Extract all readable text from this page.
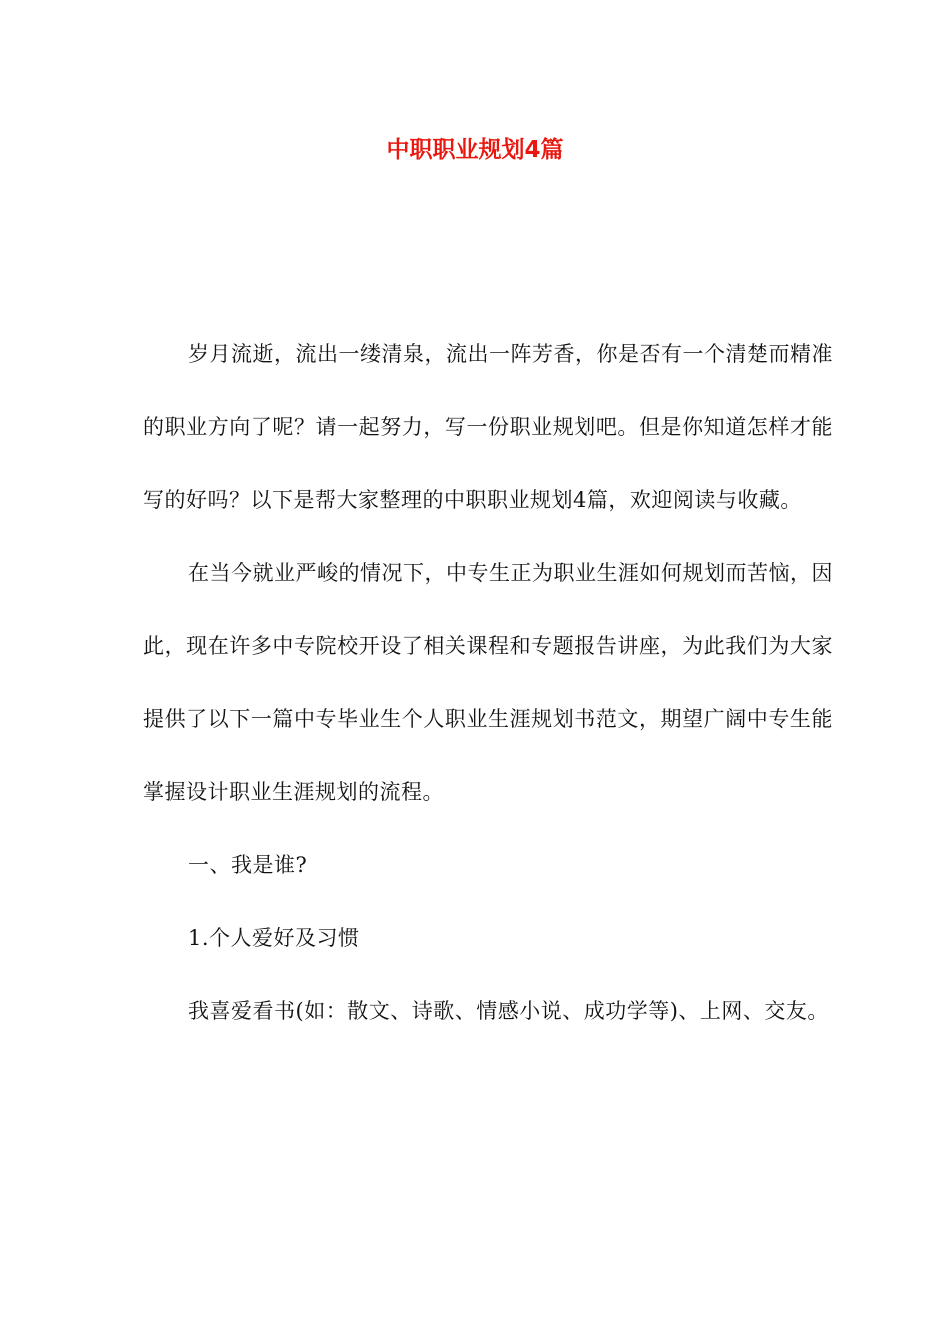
中职职业规划4篇

岁月流逝，流出一缕清泉，流出一阵芳香，你是否有一个清楚而精准的职业方向了呢？请一起努力，写一份职业规划吧。但是你知道怎样才能写的好吗？以下是帮大家整理的中职职业规划4篇，欢迎阅读与收藏。

在当今就业严峻的情况下，中专生正为职业生涯如何规划而苦恼，因此，现在许多中专院校开设了相关课程和专题报告讲座，为此我们为大家提供了以下一篇中专毕业生个人职业生涯规划书范文，期望广阔中专生能掌握设计职业生涯规划的流程。

一、我是谁?

1.个人爱好及习惯

我喜爱看书(如：散文、诗歌、情感小说、成功学等)、上网、交友。
